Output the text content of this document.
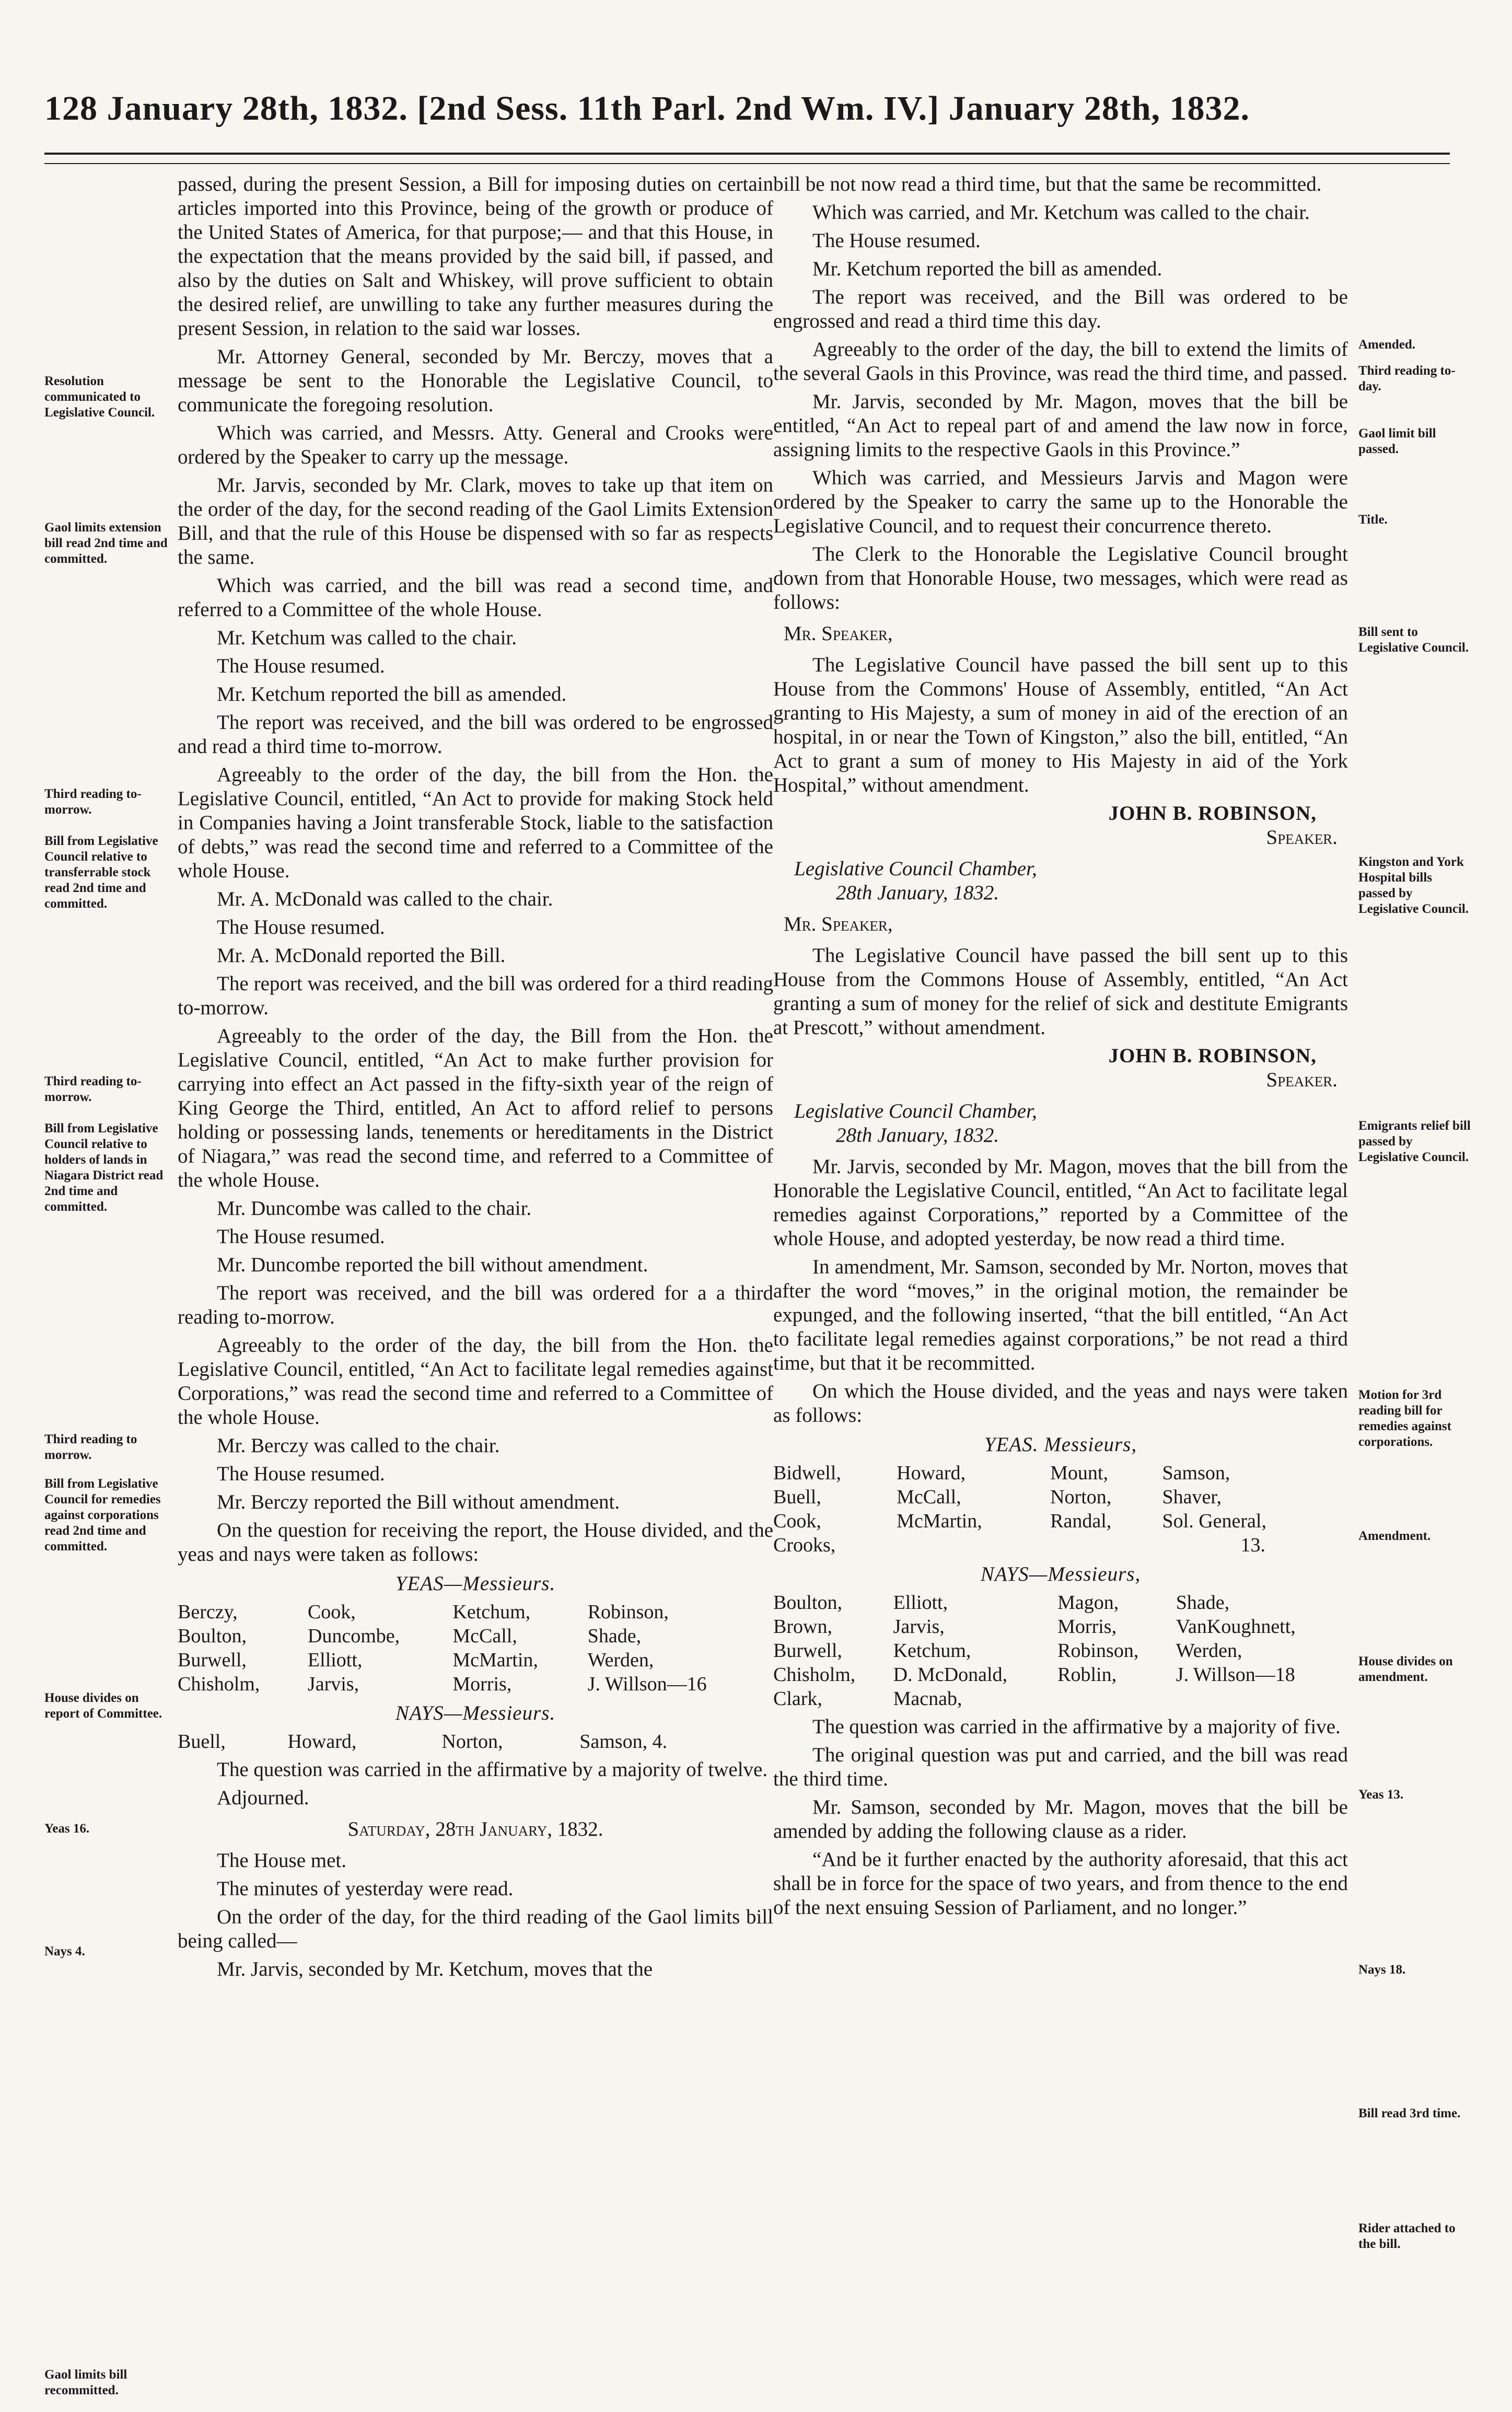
128 January 28th, 1832. [2nd Sess. 11th Parl. 2nd Wm. IV.] January 28th, 1832.
Resolution communicated to Legislative Council.
Gaol limits extension bill read 2nd time and committed.
Third reading to-morrow.
Bill from Legislative Council relative to transferrable stock read 2nd time and committed.
Third reading to-morrow.
Bill from Legislative Council relative to holders of lands in Niagara District read 2nd time and committed.
Third reading to morrow.
Bill from Legislative Council for remedies against corporations read 2nd time and committed.
House divides on report of Committee.
Yeas 16.
Nays 4.
Gaol limits bill recommitted.
Amended.
Third reading to-day.
Gaol limit bill passed.
Title.
Bill sent to Legislative Council.
Kingston and York Hospital bills passed by Legislative Council.
Emigrants relief bill passed by Legislative Council.
Motion for 3rd reading bill for remedies against corporations.
Amendment.
House divides on amendment.
Yeas 13.
Nays 18.
Bill read 3rd time.
Rider attached to the bill.

passed, during the present Session, a Bill for imposing duties on certain articles imported into this Province, being of the growth or produce of the United States of America, for that purpose;— and that this House, in the expectation that the means provided by the said bill, if passed, and also by the duties on Salt and Whiskey, will prove sufficient to obtain the desired relief, are unwilling to take any further measures during the present Session, in relation to the said war losses.

Mr. Attorney General, seconded by Mr. Berczy, moves that a message be sent to the Honorable the Legislative Council, to communicate the foregoing resolution.

Which was carried, and Messrs. Atty. General and Crooks were ordered by the Speaker to carry up the message.

Mr. Jarvis, seconded by Mr. Clark, moves to take up that item on the order of the day, for the second reading of the Gaol Limits Extension Bill, and that the rule of this House be dispensed with so far as respects the same.

Which was carried, and the bill was read a second time, and referred to a Committee of the whole House.

Mr. Ketchum was called to the chair.

The House resumed.

Mr. Ketchum reported the bill as amended.

The report was received, and the bill was ordered to be engrossed and read a third time to-morrow.

Agreeably to the order of the day, the bill from the Hon. the Legislative Council, entitled, “An Act to provide for making Stock held in Companies having a Joint transferable Stock, liable to the satisfaction of debts,” was read the second time and referred to a Committee of the whole House.

Mr. A. McDonald was called to the chair.

The House resumed.

Mr. A. McDonald reported the Bill.

The report was received, and the bill was ordered for a third reading to-morrow.

Agreeably to the order of the day, the Bill from the Hon. the Legislative Council, entitled, “An Act to make further provision for carrying into effect an Act passed in the fifty-sixth year of the reign of King George the Third, entitled, An Act to afford relief to persons holding or possessing lands, tenements or hereditaments in the District of Niagara,” was read the second time, and referred to a Committee of the whole House.

Mr. Duncombe was called to the chair.

The House resumed.

Mr. Duncombe reported the bill without amendment.

The report was received, and the bill was ordered for a a third reading to-morrow.

Agreeably to the order of the day, the bill from the Hon. the Legislative Council, entitled, “An Act to facilitate legal remedies against Corporations,” was read the second time and referred to a Committee of the whole House.

Mr. Berczy was called to the chair.

The House resumed.

Mr. Berczy reported the Bill without amendment.

On the question for receiving the report, the House divided, and the yeas and nays were taken as follows:

YEAS—Messieurs.
Berczy,	Cook,	Ketchum,	Robinson,
Boulton,	Duncombe,	McCall,	Shade,
Burwell,	Elliott,	McMartin,	Werden,
Chisholm,	Jarvis,	Morris,	J. Willson—16
NAYS—Messieurs.
Buell,	Howard,	Norton,	Samson, 4.

The question was carried in the affirmative by a majority of twelve.

Adjourned.

Saturday, 28th January, 1832.

The House met.

The minutes of yesterday were read.

On the order of the day, for the third reading of the Gaol limits bill being called—

Mr. Jarvis, seconded by Mr. Ketchum, moves that the

bill be not now read a third time, but that the same be recommitted.

Which was carried, and Mr. Ketchum was called to the chair.

The House resumed.

Mr. Ketchum reported the bill as amended.

The report was received, and the Bill was ordered to be engrossed and read a third time this day.

Agreeably to the order of the day, the bill to extend the limits of the several Gaols in this Province, was read the third time, and passed.

Mr. Jarvis, seconded by Mr. Magon, moves that the bill be entitled, “An Act to repeal part of and amend the law now in force, assigning limits to the respective Gaols in this Province.”

Which was carried, and Messieurs Jarvis and Magon were ordered by the Speaker to carry the same up to the Honorable the Legislative Council, and to request their concurrence thereto.

The Clerk to the Honorable the Legislative Council brought down from that Honorable House, two messages, which were read as follows:

Mr. Speaker,

The Legislative Council have passed the bill sent up to this House from the Commons' House of Assembly, entitled, “An Act granting to His Majesty, a sum of money in aid of the erection of an hospital, in or near the Town of Kingston,” also the bill, entitled, “An Act to grant a sum of money to His Majesty in aid of the York Hospital,” without amendment.

JOHN B. ROBINSON,

Speaker.

Legislative Council Chamber,
28th January, 1832.
Mr. Speaker,

The Legislative Council have passed the bill sent up to this House from the Commons House of Assembly, entitled, “An Act granting a sum of money for the relief of sick and destitute Emigrants at Prescott,” without amendment.

JOHN B. ROBINSON,

Speaker.

Legislative Council Chamber,
28th January, 1832.

Mr. Jarvis, seconded by Mr. Magon, moves that the bill from the Honorable the Legislative Council, entitled, “An Act to facilitate legal remedies against Corporations,” reported by a Committee of the whole House, and adopted yesterday, be now read a third time.

In amendment, Mr. Samson, seconded by Mr. Norton, moves that after the word “moves,” in the original motion, the remainder be expunged, and the following inserted, “that the bill entitled, “An Act to facilitate legal remedies against corporations,” be not read a third time, but that it be recommitted.

On which the House divided, and the yeas and nays were taken as follows:

YEAS. Messieurs,
Bidwell,	Howard,	Mount,	Samson,
Buell,	McCall,	Norton,	Shaver,
Cook,	McMartin,	Randal,	Sol. General,
Crooks,			13.
NAYS—Messieurs,
Boulton,	Elliott,	Magon,	Shade,
Brown,	Jarvis,	Morris,	VanKoughnett,
Burwell,	Ketchum,	Robinson,	Werden,
Chisholm,	D. McDonald,	Roblin,	J. Willson—18
Clark,	Macnab,		

The question was carried in the affirmative by a majority of five.

The original question was put and carried, and the bill was read the third time.

Mr. Samson, seconded by Mr. Magon, moves that the bill be amended by adding the following clause as a rider.

“And be it further enacted by the authority aforesaid, that this act shall be in force for the space of two years, and from thence to the end of the next ensuing Session of Parliament, and no longer.”
